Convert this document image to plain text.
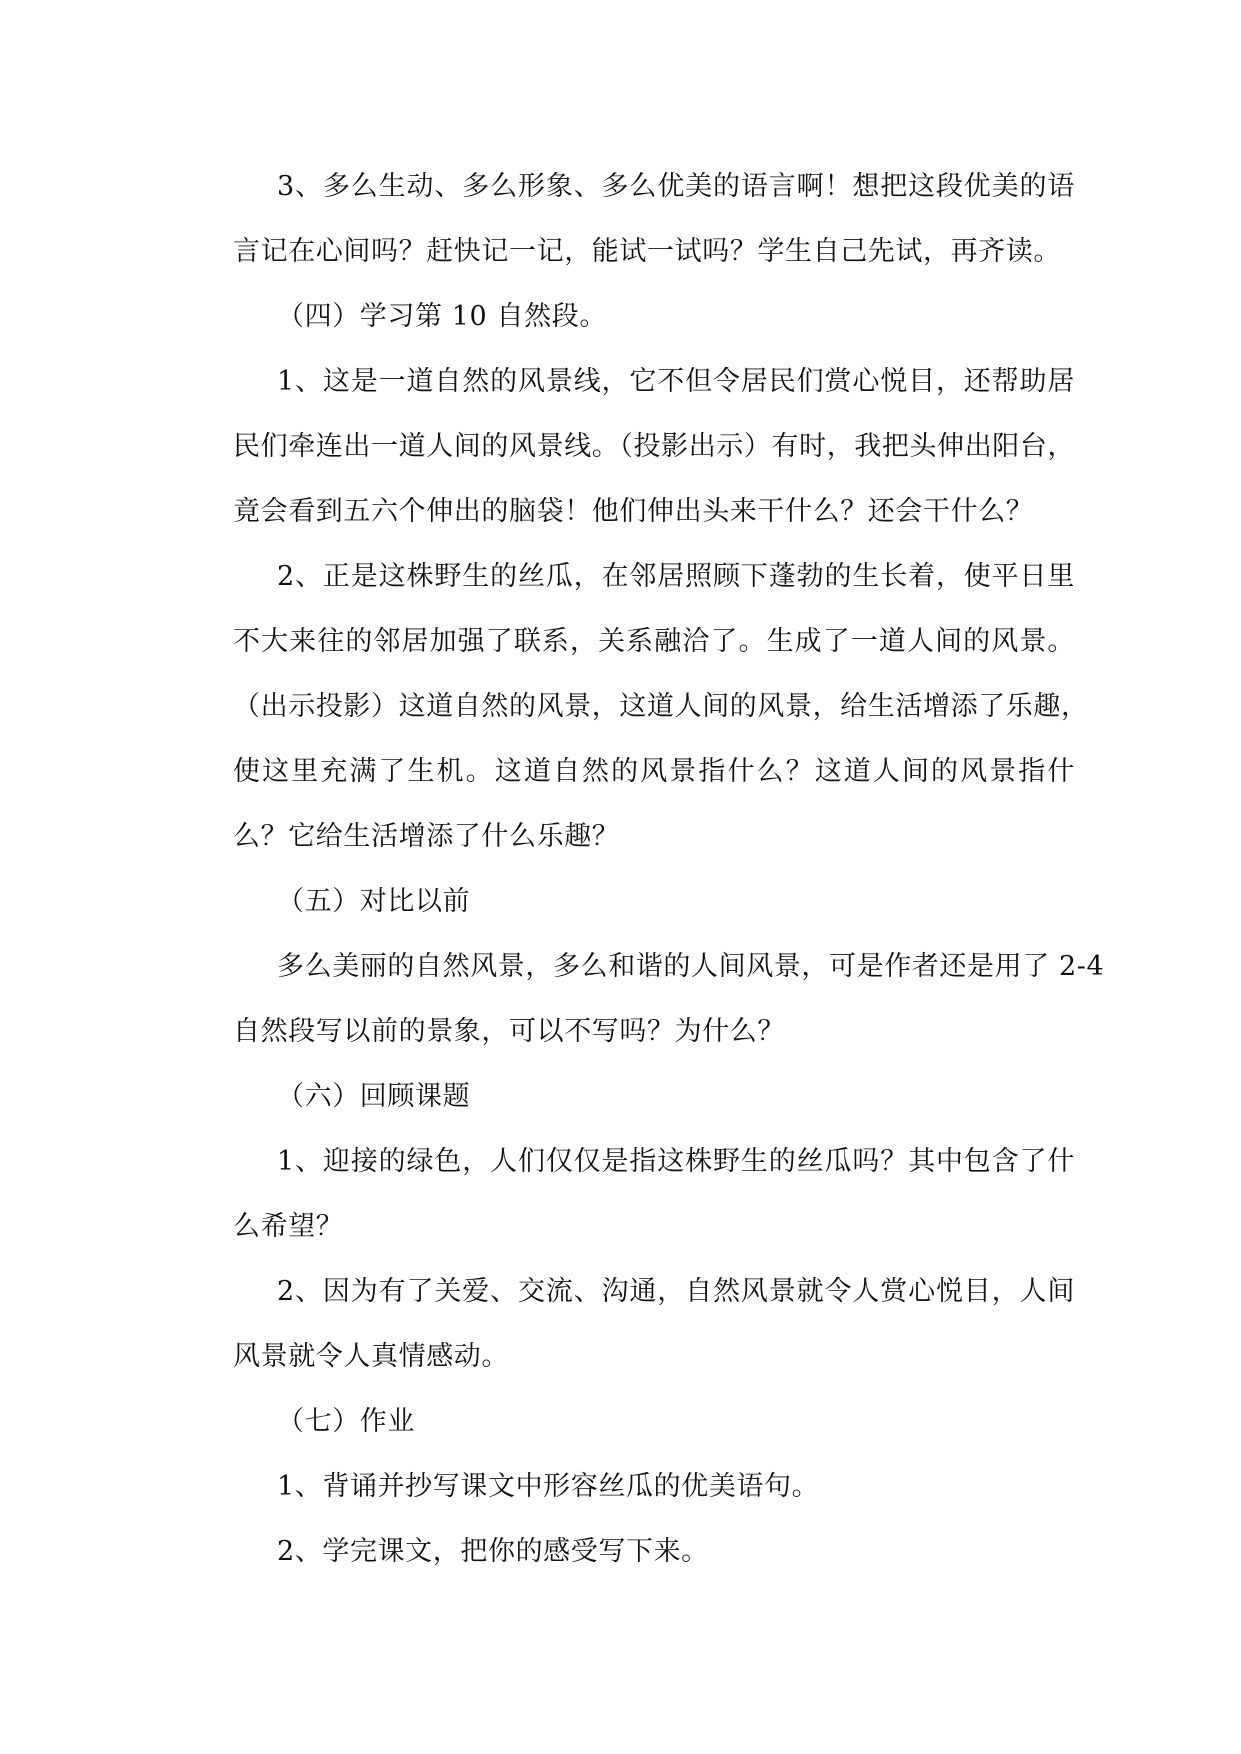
3、多么生动、多么形象、多么优美的语言啊！想把这段优美的语
言记在心间吗？赶快记一记，能试一试吗？学生自己先试，再齐读。
（四）学习第 10 自然段。
1、这是一道自然的风景线，它不但令居民们赏心悦目，还帮助居
民们牵连出一道人间的风景线。（投影出示）有时，我把头伸出阳台，
竟会看到五六个伸出的脑袋！他们伸出头来干什么？还会干什么？
2、正是这株野生的丝瓜，在邻居照顾下蓬勃的生长着，使平日里
不大来往的邻居加强了联系，关系融洽了。生成了一道人间的风景。
（出示投影）这道自然的风景，这道人间的风景，给生活增添了乐趣，
使这里充满了生机。这道自然的风景指什么？这道人间的风景指什
么？它给生活增添了什么乐趣？
（五）对比以前
多么美丽的自然风景，多么和谐的人间风景，可是作者还是用了 2-4
自然段写以前的景象，可以不写吗？为什么？
（六）回顾课题
1、迎接的绿色，人们仅仅是指这株野生的丝瓜吗？其中包含了什
么希望？
2、因为有了关爱、交流、沟通，自然风景就令人赏心悦目，人间
风景就令人真情感动。
（七）作业
1、背诵并抄写课文中形容丝瓜的优美语句。
2、学完课文，把你的感受写下来。
